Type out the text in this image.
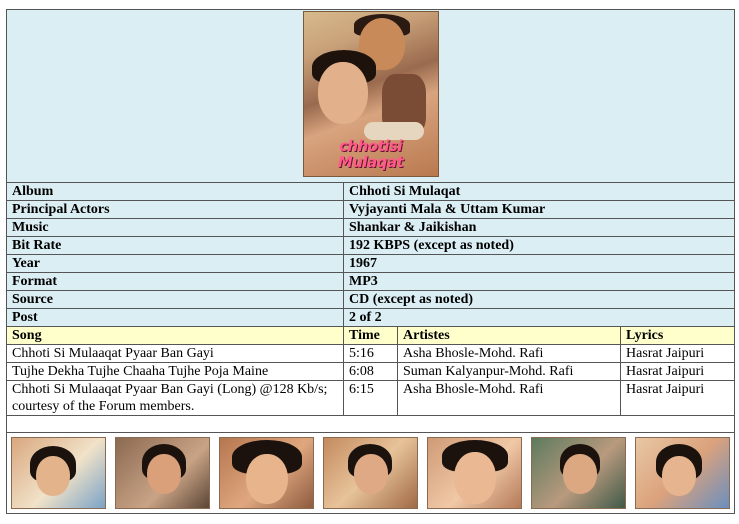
chhotisi
Mulaqat			

Album	Chhoti Si Mulaqat		
Principal Actors	Vyjayanti Mala & Uttam Kumar		
Music	Shankar & Jaikishan		
Bit Rate	192 KBPS (except as noted)		
Year	1967		
Format	MP3		
Source	CD (except as noted)		
Post	2 of 2		
Song	Time	Artistes	Lyrics
Chhoti Si Mulaaqat Pyaar Ban Gayi	5:16	Asha Bhosle-Mohd. Rafi	Hasrat Jaipuri
Tujhe Dekha Tujhe Chaaha Tujhe Poja Maine	6:08	Suman Kalyanpur-Mohd. Rafi	Hasrat Jaipuri
Chhoti Si Mulaaqat Pyaar Ban Gayi (Long) @128 Kb/s; courtesy of the Forum members.	6:15	Asha Bhosle-Mohd. Rafi	Hasrat Jaipuri
